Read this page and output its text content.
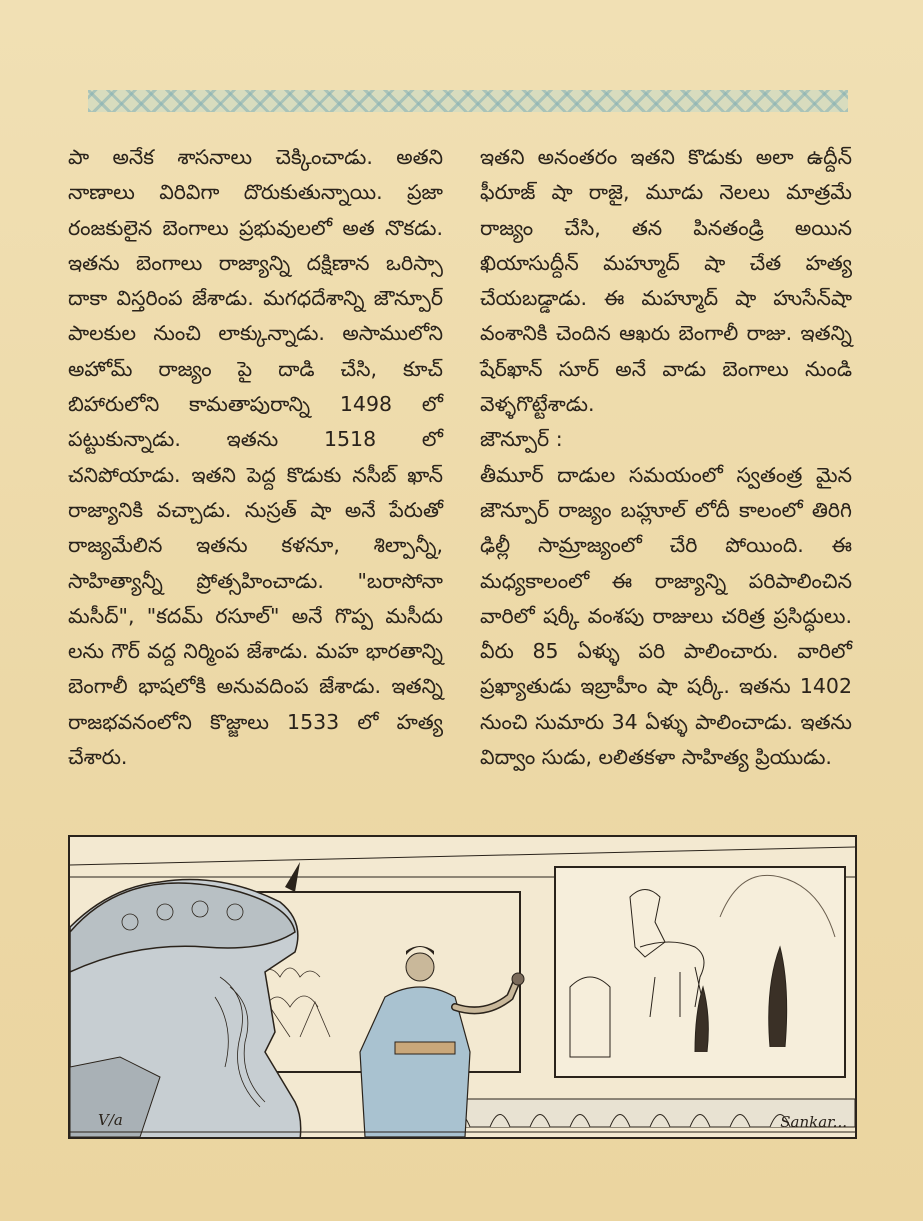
పా అనేక శాసనాలు చెక్కించాడు. అతని నాణాలు విరివిగా దొరుకుతున్నాయి. ప్రజా రంజకులైన బెంగాలు ప్రభువులలో అత నొకడు. ఇతను బెంగాలు రాజ్యాన్ని దక్షిణాన ఒరిస్సా దాకా విస్తరింప జేశాడు. మగధదేశాన్ని జౌన్పూర్ పాలకుల నుంచి లాక్కున్నాడు. అసాములోని అహోమ్ రాజ్యం పై దాడి చేసి, కూచ్ బిహారులోని కామతాపురాన్ని 1498 లో పట్టుకున్నాడు. ఇతను 1518 లో చనిపోయాడు. ఇతని పెద్ద కొడుకు నసీబ్ ఖాన్ రాజ్యానికి వచ్చాడు. నుస్రత్ షా అనే పేరుతో రాజ్యమేలిన ఇతను కళనూ, శిల్పాన్నీ, సాహిత్యాన్నీ ప్రోత్సహించాడు. "బరాసోనా మసీద్", "కదమ్ రసూల్" అనే గొప్ప మసీదు లను గౌర్ వద్ద నిర్మింప జేశాడు. మహ భారతాన్ని బెంగాలీ భాషలోకి అనువదింప జేశాడు. ఇతన్ని రాజభవనంలోని కొజ్జాలు 1533 లో హత్య చేశారు.

ఇతని అనంతరం ఇతని కొడుకు అలా ఉద్దీన్ ఫీరూజ్ షా రాజై, మూడు నెలలు మాత్రమే రాజ్యం చేసి, తన పినతండ్రి అయిన ఖియాసుద్దీన్ మహ్మూద్ షా చేత హత్య చేయబడ్డాడు. ఈ మహ్మూద్ షా హుసేన్‌షా వంశానికి చెందిన ఆఖరు బెంగాలీ రాజు. ఇతన్ని షేర్‌ఖాన్ సూర్ అనే వాడు బెంగాలు నుండి వెళ్ళగొట్టేశాడు.

జౌన్పూర్ :

తీమూర్ దాడుల సమయంలో స్వతంత్ర మైన జౌన్పూర్ రాజ్యం బహ్లూల్ లోదీ కాలంలో తిరిగి ఢిల్లీ సామ్రాజ్యంలో చేరి పోయింది. ఈ మధ్యకాలంలో ఈ రాజ్యాన్ని పరిపాలించిన వారిలో షర్కీ వంశపు రాజులు చరిత్ర ప్రసిద్ధులు. వీరు 85 ఏళ్ళు పరి పాలించారు. వారిలో ప్రఖ్యాతుడు ఇబ్రాహీం షా షర్కీ. ఇతను 1402 నుంచి సుమారు 34 ఏళ్ళు పాలించాడు. ఇతను విద్వాం సుడు, లలితకళా సాహిత్య ప్రియుడు.

V/a	Sankar...
